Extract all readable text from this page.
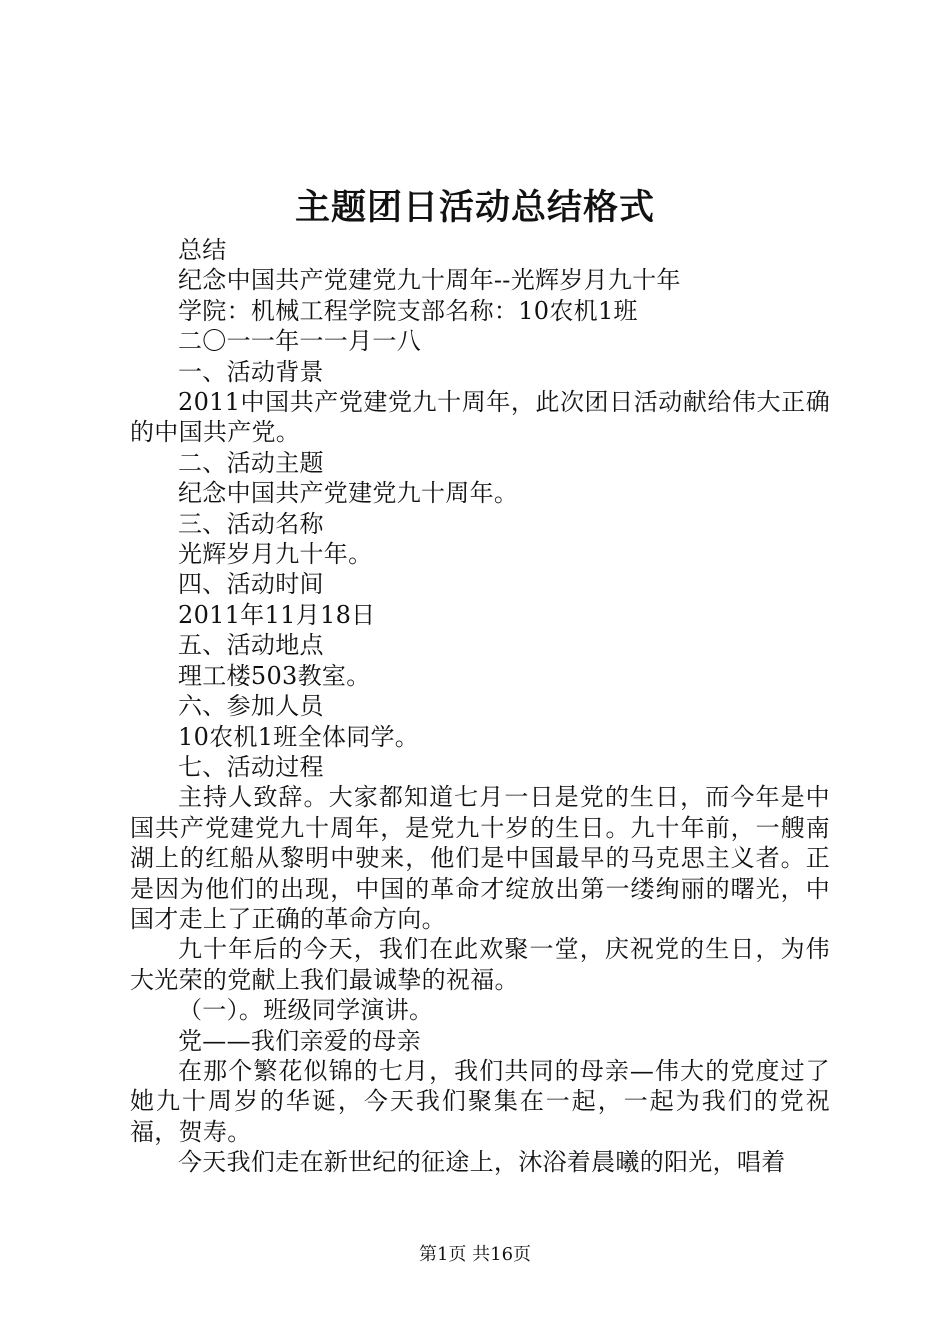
主题团日活动总结格式

总结

纪念中国共产党建党九十周年--光辉岁月九十年

学院：机械工程学院支部名称：10农机1班

二〇一一年一一月一八

一、活动背景

2011中国共产党建党九十周年，此次团日活动献给伟大正确的中国共产党。

二、活动主题

纪念中国共产党建党九十周年。

三、活动名称

光辉岁月九十年。

四、活动时间

2011年11月18日

五、活动地点

理工楼503教室。

六、参加人员

10农机1班全体同学。

七、活动过程

主持人致辞。大家都知道七月一日是党的生日，而今年是中国共产党建党九十周年，是党九十岁的生日。九十年前，一艘南湖上的红船从黎明中驶来，他们是中国最早的马克思主义者。正是因为他们的出现，中国的革命才绽放出第一缕绚丽的曙光，中国才走上了正确的革命方向。

九十年后的今天，我们在此欢聚一堂，庆祝党的生日，为伟大光荣的党献上我们最诚挚的祝福。

（一）。班级同学演讲。

党——我们亲爱的母亲

在那个繁花似锦的七月，我们共同的母亲—伟大的党度过了她九十周岁的华诞，今天我们聚集在一起，一起为我们的党祝福，贺寿。

今天我们走在新世纪的征途上，沐浴着晨曦的阳光，唱着

第1页 共16页
